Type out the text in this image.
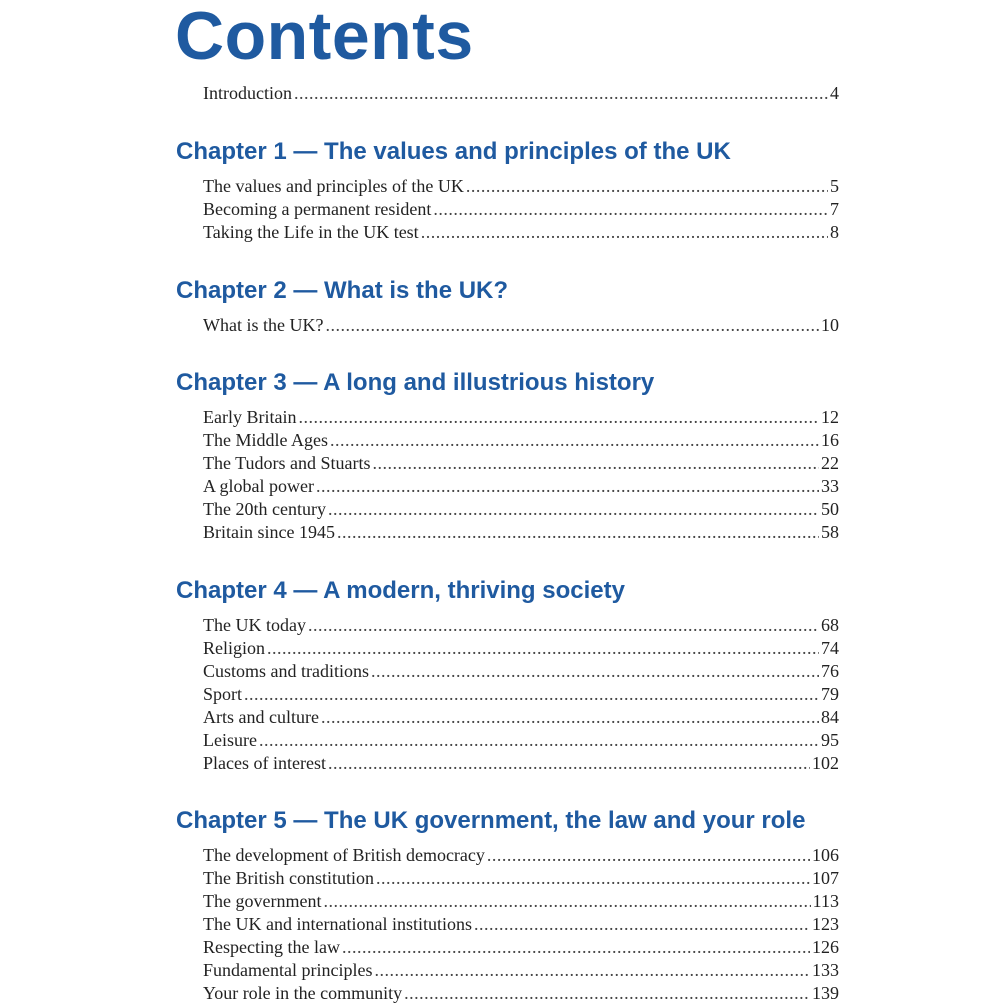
Contents
Introduction .....	4
Chapter 1 — The values and principles of the UK
The values and principles of the UK .....	5
Becoming a permanent resident .....	7
Taking the Life in the UK test .....	8
Chapter 2 — What is the UK?
What is the UK? .....	10
Chapter 3 — A long and illustrious history
Early Britain .....	12
The Middle Ages .....	16
The Tudors and Stuarts .....	22
A global power .....	33
The 20th century .....	50
Britain since 1945 .....	58
Chapter 4 — A modern, thriving society
The UK today .....	68
Religion .....	74
Customs and traditions .....	76
Sport .....	79
Arts and culture .....	84
Leisure .....	95
Places of interest .....	102
Chapter 5 — The UK government, the law and your role
The development of British democracy .....	106
The British constitution .....	107
The government .....	113
The UK and international institutions .....	123
Respecting the law .....	126
Fundamental principles .....	133
Your role in the community .....	139
